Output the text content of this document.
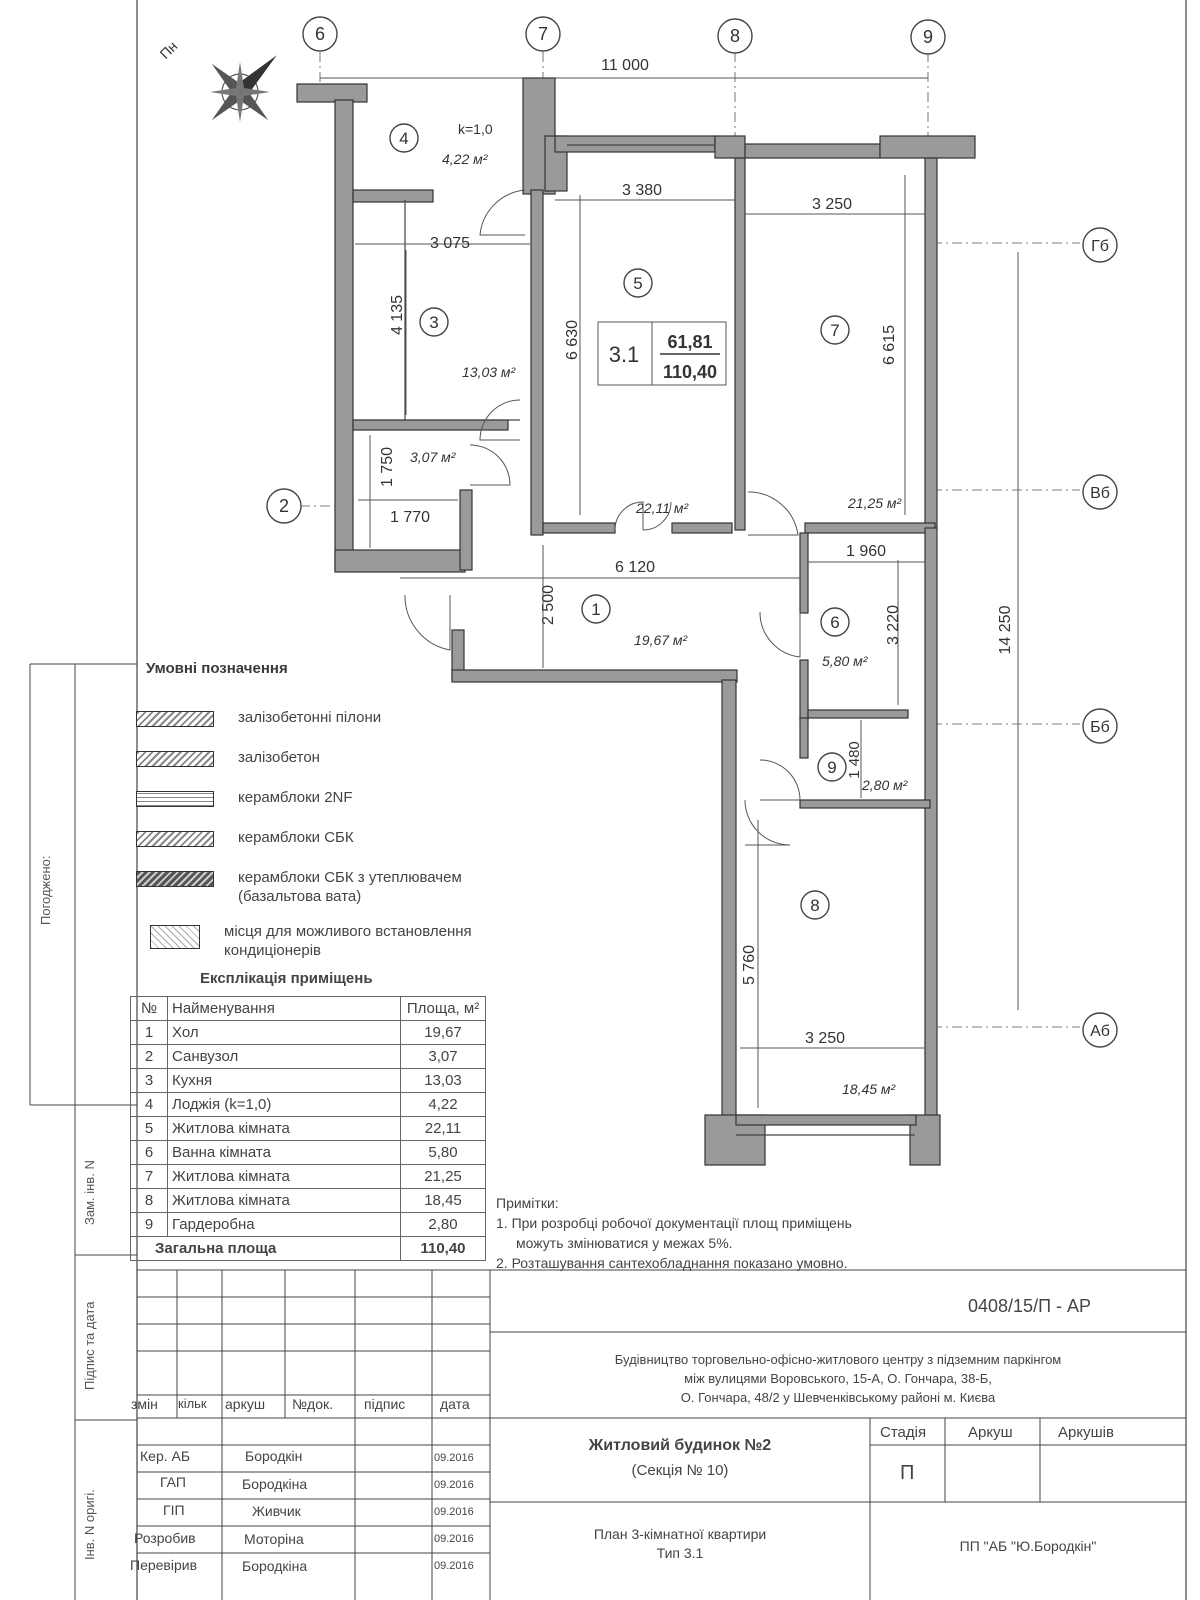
Пн
6	7	8	9
Гб
Вб
Бб
Аб
2
11 000
14 250
3 075
3 380
3 250
4 135
6 630	6 615
1 750
1 770
6 120
2 500
1 960
3 220
1 480
5 760
3 250
4
3
5
7
1
6
9
8
k=1,0
4,22 м²
13,03 м²
3,07 м²
22,11 м²	21,25 м²
19,67 м²
5,80 м²
2,80 м²
18,45 м²
3.1 61,81
110,40
Умовні позначення
залізобетонні пілони
залізобетон
керамблоки 2NF
керамблоки СБК
керамблоки СБК з утеплювачем (базальтова вата)
місця для можливого встановлення кондиціонерів
Експлікація приміщень
№	Найменування	Площа, м²
1	Хол	19,67
2	Санвузол	3,07
3	Кухня	13,03
4	Лоджія (k=1,0)	4,22
5	Житлова кімната	22,11
6	Ванна кімната	5,80
7	Житлова кімната	21,25
8	Житлова кімната	18,45
9	Гардеробна	2,80
Загальна площа		110,40
Примітки:
1. При розробці робочої документації площ приміщень
можуть змінюватися у межах 5%.
2. Розташування сантехобладнання показано умовно.
0408/15/П - АР
Будівництво торговельно-офісно-житлового центру з підземним паркінгом
між вулицями Воровського, 15-А, О. Гончара, 38-Б,
О. Гончара, 48/2 у Шевченківському районі м. Києва
змін кільк аркуш №док. підпис дата
Житловий будинок №2
(Секція № 10)
План 3-кімнатної квартири
Тип 3.1
Стадія	Аркуш	Аркушів
П
ПП "АБ "Ю.Бородкін"
Кер. АБ	Бородкін	09.2016
ГАП	Бородкіна	09.2016
ГІП	Живчик	09.2016
Розробив	Моторіна	09.2016
Перевірив	Бородкіна	09.2016
Погоджено:
Зам. інв. N
Підпис та дата
Інв. N оригі.
